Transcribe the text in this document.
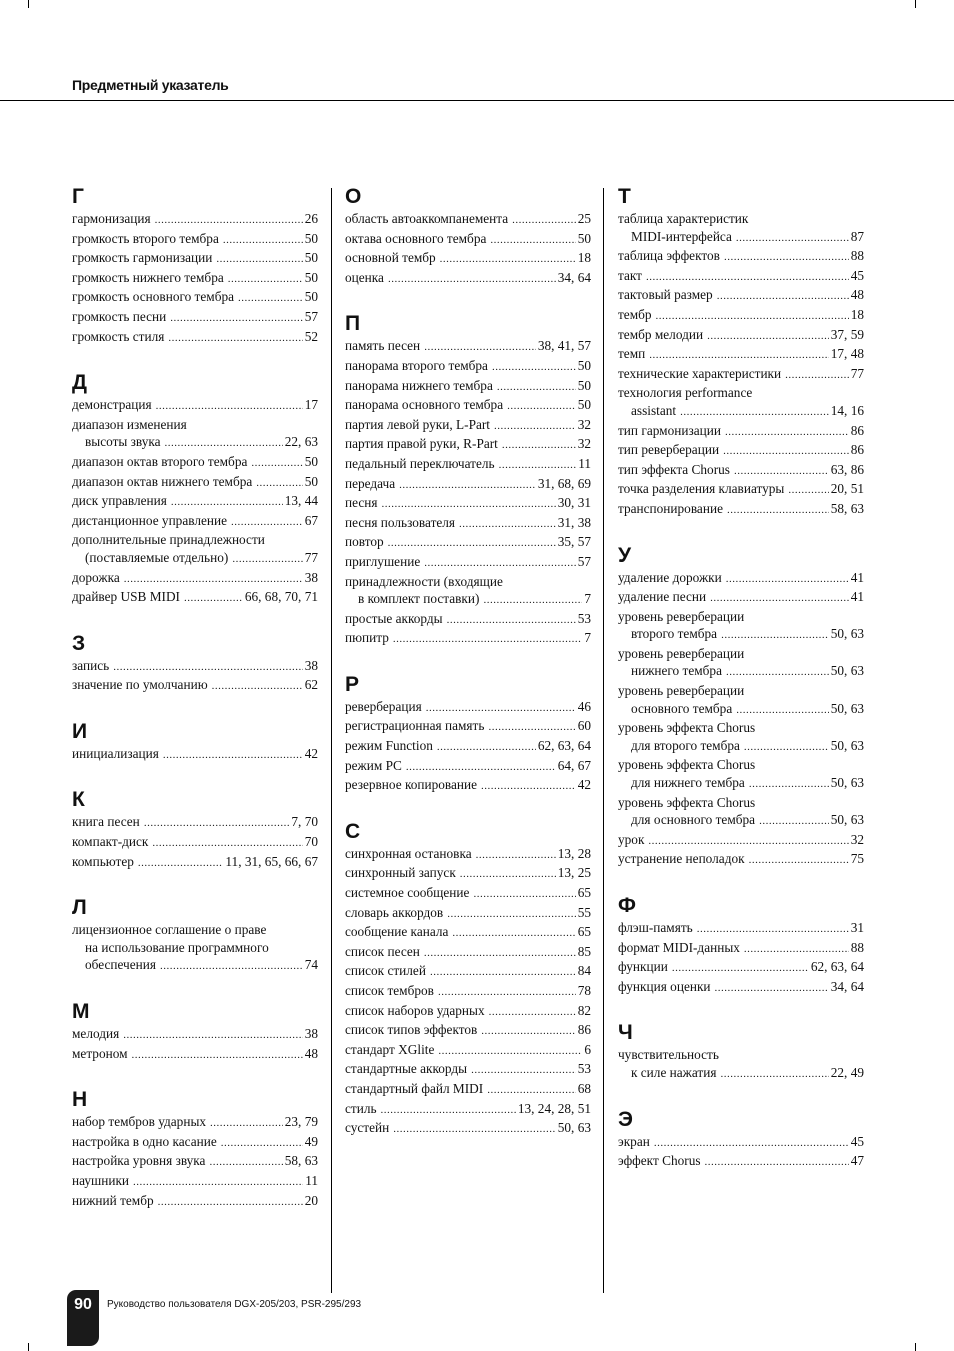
Предметный указатель
Г
гармонизация .....	26
громкость второго тембра .....	50
громкость гармонизации .....	50
громкость нижнего тембра .....	50
громкость основного тембра .....	50
громкость песни .....	57
громкость стиля .....	52
Д
демонстрация .....	17
диапазон изменения
высоты звука .....	22, 63
диапазон октав второго тембра .....	50
диапазон октав нижнего тембра .....	50
диск управления .....	13, 44
дистанционное управление .....	67
дополнительные принадлежности
(поставляемые отдельно) .....	77
дорожка .....	38
драйвер USB MIDI .....	66, 68, 70, 71
З
запись .....	38
значение по умолчанию .....	62
И
инициализация .....	42
К
книга песен .....	7, 70
компакт-диск .....	70
компьютер .....	11, 31, 65, 66, 67
Л
лицензионное соглашение о праве
на использование программного
обеспечения .....	74
М
мелодия .....	38
метроном .....	48
Н
набор тембров ударных .....	23, 79
настройка в одно касание .....	49
настройка уровня звука .....	58, 63
наушники .....	11
нижний тембр .....	20
О
область автоаккомпанемента .....	25
октава основного тембра .....	50
основной тембр .....	18
оценка .....	34, 64
П
память песен .....	38, 41, 57
панорама второго тембра .....	50
панорама нижнего тембра .....	50
панорама основного тембра .....	50
партия левой руки, L-Part .....	32
партия правой руки, R-Part .....	32
педальный переключатель .....	11
передача .....	31, 68, 69
песня .....	30, 31
песня пользователя .....	31, 38
повтор .....	35, 57
приглушение .....	57
принадлежности (входящие
в комплект поставки) .....	7
простые аккорды .....	53
пюпитр .....	7
Р
реверберация .....	46
регистрационная память .....	60
режим Function .....	62, 63, 64
режим PC .....	64, 67
резервное копирование .....	42
С
синхронная остановка .....	13, 28
синхронный запуск .....	13, 25
системное сообщение .....	65
словарь аккордов .....	55
сообщение канала .....	65
список песен .....	85
список стилей .....	84
список тембров .....	78
список наборов ударных .....	82
список типов эффектов .....	86
стандарт XGlite .....	6
стандартные аккорды .....	53
стандартный файл MIDI .....	68
стиль .....	13, 24, 28, 51
сустейн .....	50, 63
Т
таблица характеристик
MIDI-интерфейса .....	87
таблица эффектов .....	88
такт .....	45
тактовый размер .....	48
тембр .....	18
тембр мелодии .....	37, 59
темп .....	17, 48
технические характеристики .....	77
технология performance
assistant .....	14, 16
тип гармонизации .....	86
тип реверберации .....	86
тип эффекта Chorus .....	63, 86
точка разделения клавиатуры .....	20, 51
транспонирование .....	58, 63
У
удаление дорожки .....	41
удаление песни .....	41
уровень реверберации
второго тембра .....	50, 63
уровень реверберации
нижнего тембра .....	50, 63
уровень реверберации
основного тембра .....	50, 63
уровень эффекта Chorus
для второго тембра .....	50, 63
уровень эффекта Chorus
для нижнего тембра .....	50, 63
уровень эффекта Chorus
для основного тембра .....	50, 63
урок .....	32
устранение неполадок .....	75
Ф
флэш-память .....	31
формат MIDI-данных .....	88
функции .....	62, 63, 64
функция оценки .....	34, 64
Ч
чувствительность
к силе нажатия .....	22, 49
Э
экран .....	45
эффект Chorus .....	47
90	Руководство пользователя DGX-205/203, PSR-295/293
